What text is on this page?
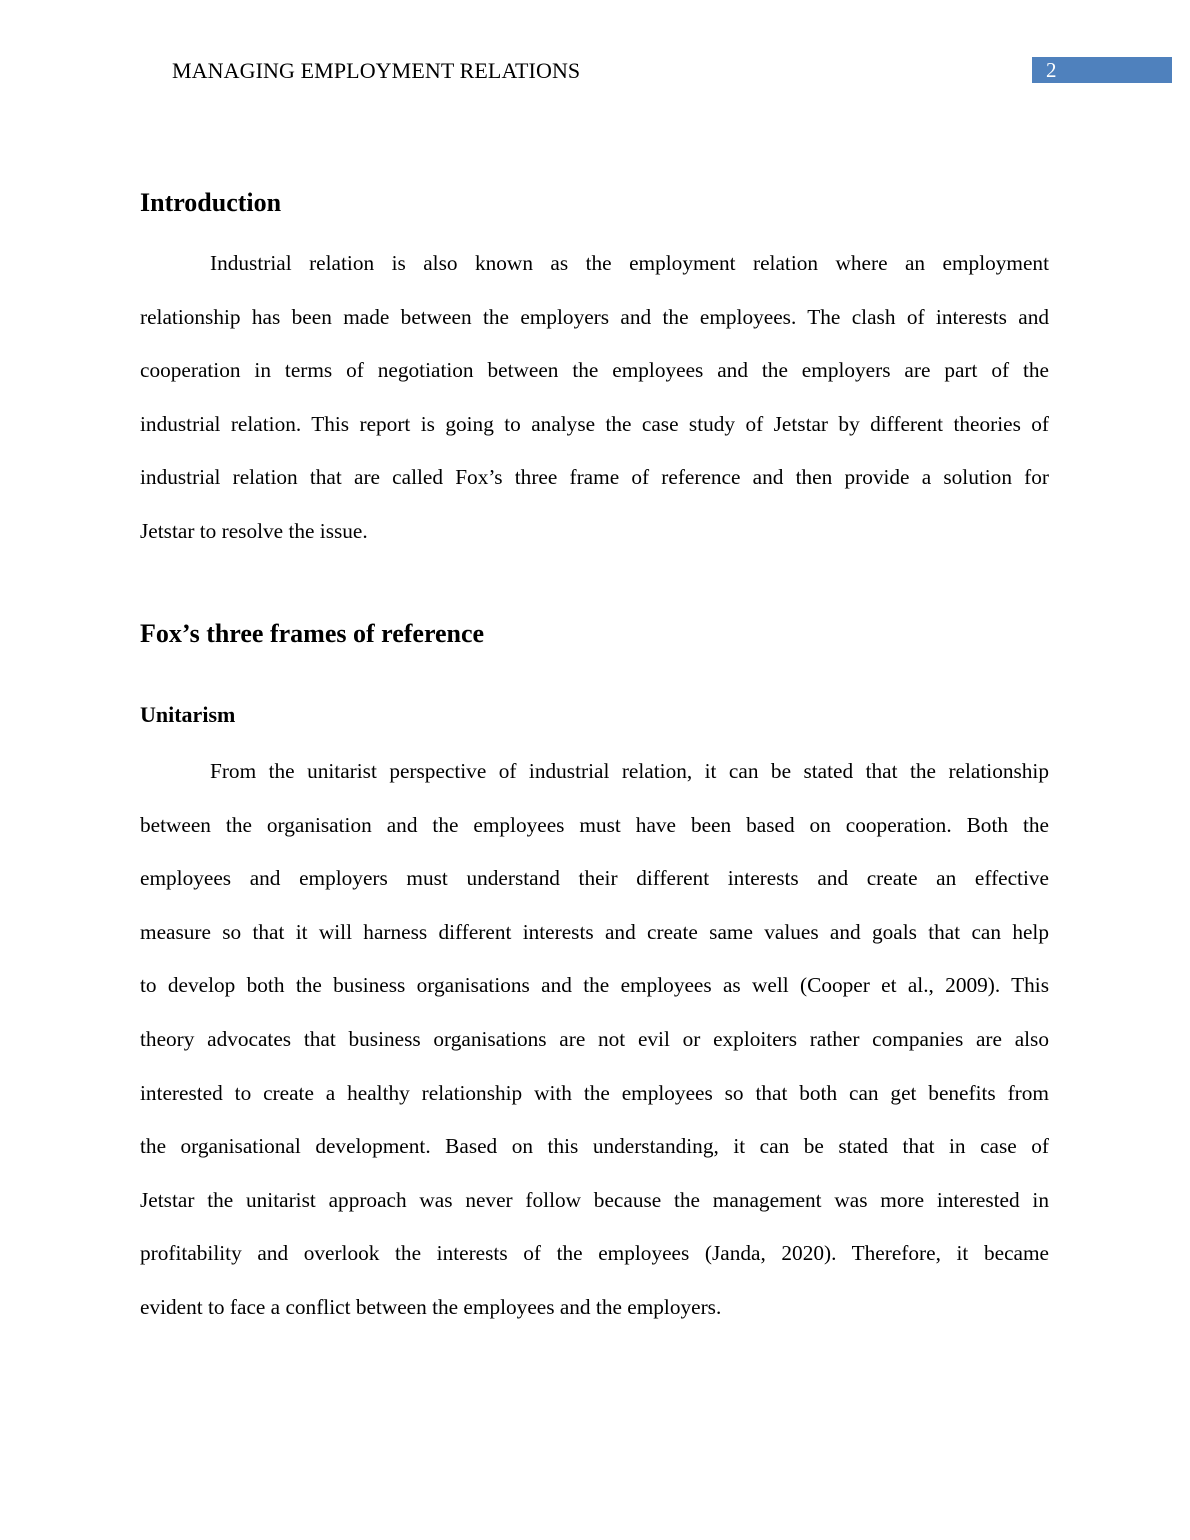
MANAGING EMPLOYMENT RELATIONS	2
Introduction
Industrial relation is also known as the employment relation where an employment
relationship has been made between the employers and the employees. The clash of interests and
cooperation in terms of negotiation between the employees and the employers are part of the
industrial relation. This report is going to analyse the case study of Jetstar by different theories of
industrial relation that are called Fox’s three frame of reference and then provide a solution for
Jetstar to resolve the issue.
Fox’s three frames of reference
Unitarism
From the unitarist perspective of industrial relation, it can be stated that the relationship
between the organisation and the employees must have been based on cooperation. Both the
employees and employers must understand their different interests and create an effective
measure so that it will harness different interests and create same values and goals that can help
to develop both the business organisations and the employees as well (Cooper et al., 2009). This
theory advocates that business organisations are not evil or exploiters rather companies are also
interested to create a healthy relationship with the employees so that both can get benefits from
the organisational development. Based on this understanding, it can be stated that in case of
Jetstar the unitarist approach was never follow because the management was more interested in
profitability and overlook the interests of the employees (Janda, 2020). Therefore, it became
evident to face a conflict between the employees and the employers.
